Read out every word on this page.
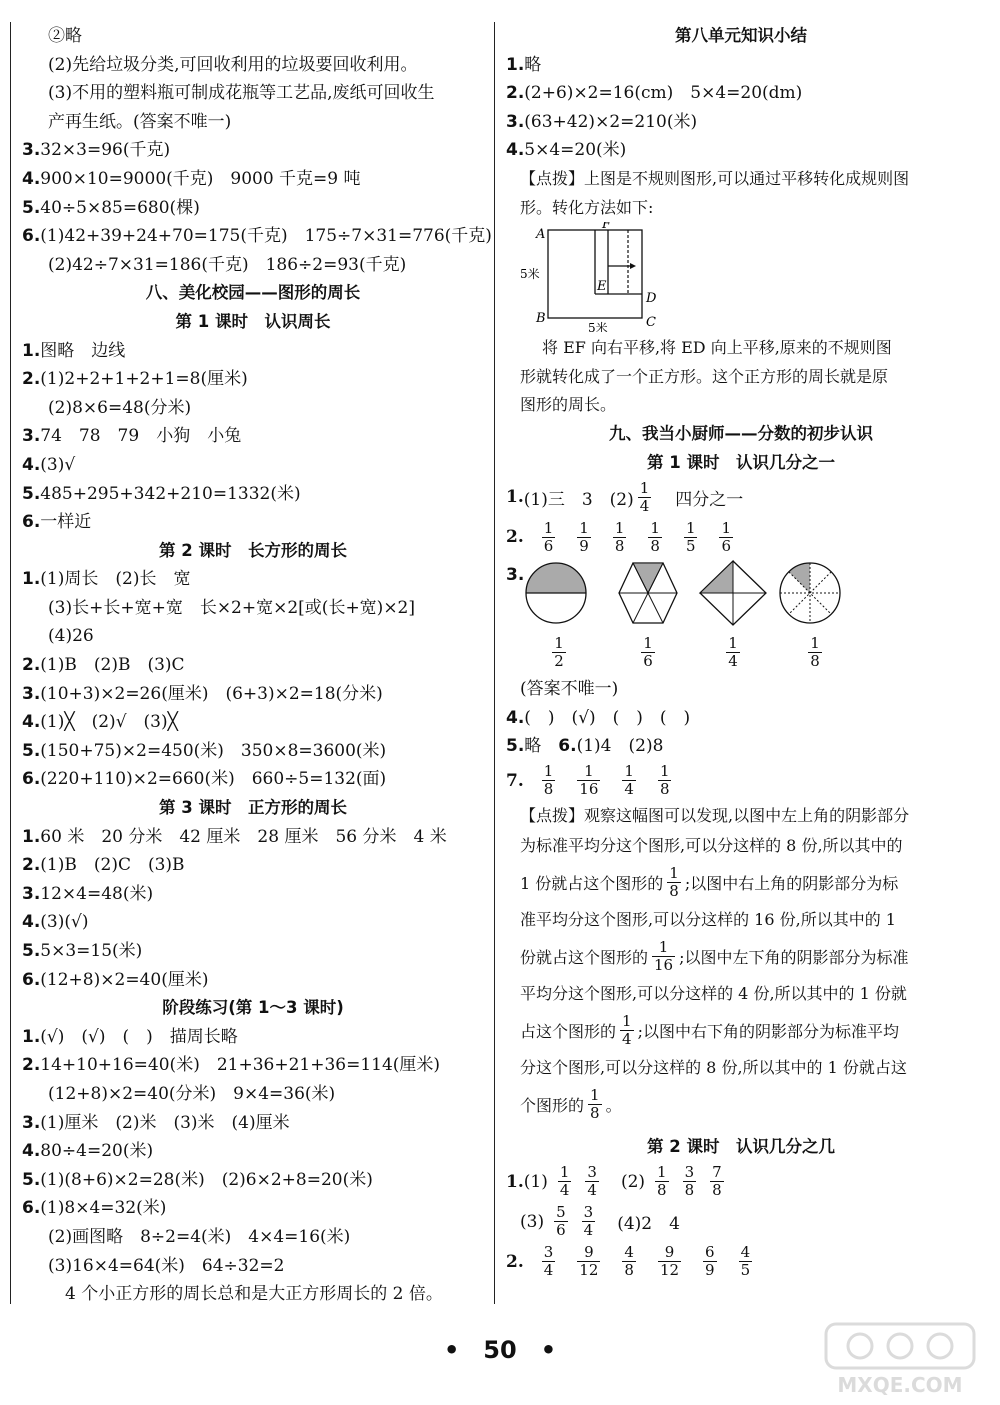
②略
(2)先给垃圾分类,可回收利用的垃圾要回收利用。
(3)不用的塑料瓶可制成花瓶等工艺品,废纸可回收生
产再生纸。(答案不唯一)
3.32×3=96(千克)
4.900×10=9000(千克)　9000 千克=9 吨
5.40÷5×85=680(棵)
6.(1)42+39+24+70=175(千克)　175÷7×31=776(千克)
(2)42÷7×31=186(千克)　186÷2=93(千克)
八、美化校园——图形的周长
第 1 课时　认识周长
1.图略　边线
2.(1)2+2+1+2+1=8(厘米)
(2)8×6=48(分米)
3.74　78　79　小狗　小兔
4.(3)√
5.485+295+342+210=1332(米)
6.一样近
第 2 课时　长方形的周长
1.(1)周长　(2)长　宽
(3)长+长+宽+宽　长×2+宽×2[或(长+宽)×2]
(4)26
2.(1)B　(2)B　(3)C
3.(10+3)×2=26(厘米)　(6+3)×2=18(分米)
4.(1)╳　(2)√　(3)╳
5.(150+75)×2=450(米)　350×8=3600(米)
6.(220+110)×2=660(米)　660÷5=132(面)
第 3 课时　正方形的周长
1.60 米　20 分米　42 厘米　28 厘米　56 分米　4 米
2.(1)B　(2)C　(3)B
3.12×4=48(米)
4.(3)(√)
5.5×3=15(米)
6.(12+8)×2=40(厘米)
阶段练习(第 1～3 课时)
1.(√)　(√)　(　)　描周长略
2.14+10+16=40(米)　21+36+21+36=114(厘米)
(12+8)×2=40(分米)　9×4=36(米)
3.(1)厘米　(2)米　(3)米　(4)厘米
4.80÷4=20(米)
5.(1)(8+6)×2=28(米)　(2)6×2+8=20(米)
6.(1)8×4=32(米)
(2)画图略　8÷2=4(米)　4×4=16(米)
(3)16×4=64(米)　64÷32=2
　4 个小正方形的周长总和是大正方形周长的 2 倍。
第八单元知识小结
1.略
2.(2+6)×2=16(cm)　5×4=20(dm)
3.(63+42)×2=210(米)
4.5×4=20(米)
【点拨】上图是不规则图形,可以通过平移转化成规则图
形。转化方法如下:
A
B	C
D
E
F
5米
5米
将 EF 向右平移,将 ED 向上平移,原来的不规则图
形就转化成了一个正方形。这个正方形的周长就是原
图形的周长。
九、我当小厨师——分数的初步认识
第 1 课时　认识几分之一
1. (1)三　3　$(2) \frac{1}{4}$ 四分之一
2. $\frac{1}{6} \frac{1}{9} \frac{1}{8} \frac{1}{8} \frac{1}{5} \frac{1}{6}$
3.
1
2
1
6
1
4
1
8
(答案不唯一)
4.(　)　(√)　(　)　(　)
5.略　 6.(1)4　(2)8
7. $\frac{1}{8} \frac{1}{16} \frac{1}{4} \frac{1}{8}$
【点拨】观察这幅图可以发现,以图中左上角的阴影部分
为标准平均分这个图形,可以分这样的 8 份,所以其中的
1 份就占这个图形的 $\frac{1}{8}$ ;以图中右上角的阴影部分为标
准平均分这个图形,可以分这样的 16 份,所以其中的 1
份就占这个图形的 $\frac{1}{16}$ ;以图中左下角的阴影部分为标准
平均分这个图形,可以分这样的 4 份,所以其中的 1 份就
占这个图形的 $\frac{1}{4}$ ;以图中右下角的阴影部分为标准平均
分这个图形,可以分这样的 8 份,所以其中的 1 份就占这
个图形的 $\frac{1}{8}$ 。
第 2 课时　认识几分之几
1. $(1) \frac{1}{4} \frac{3}{4} (2) \frac{1}{8} \frac{3}{8} \frac{7}{8}$
$(3) \frac{5}{6} \frac{3}{4} (4)2$　4
2. $\frac{3}{4} \frac{9}{12} \frac{4}{8} \frac{9}{12} \frac{6}{9} \frac{4}{5}$
•　50　•
MXQE.COM
